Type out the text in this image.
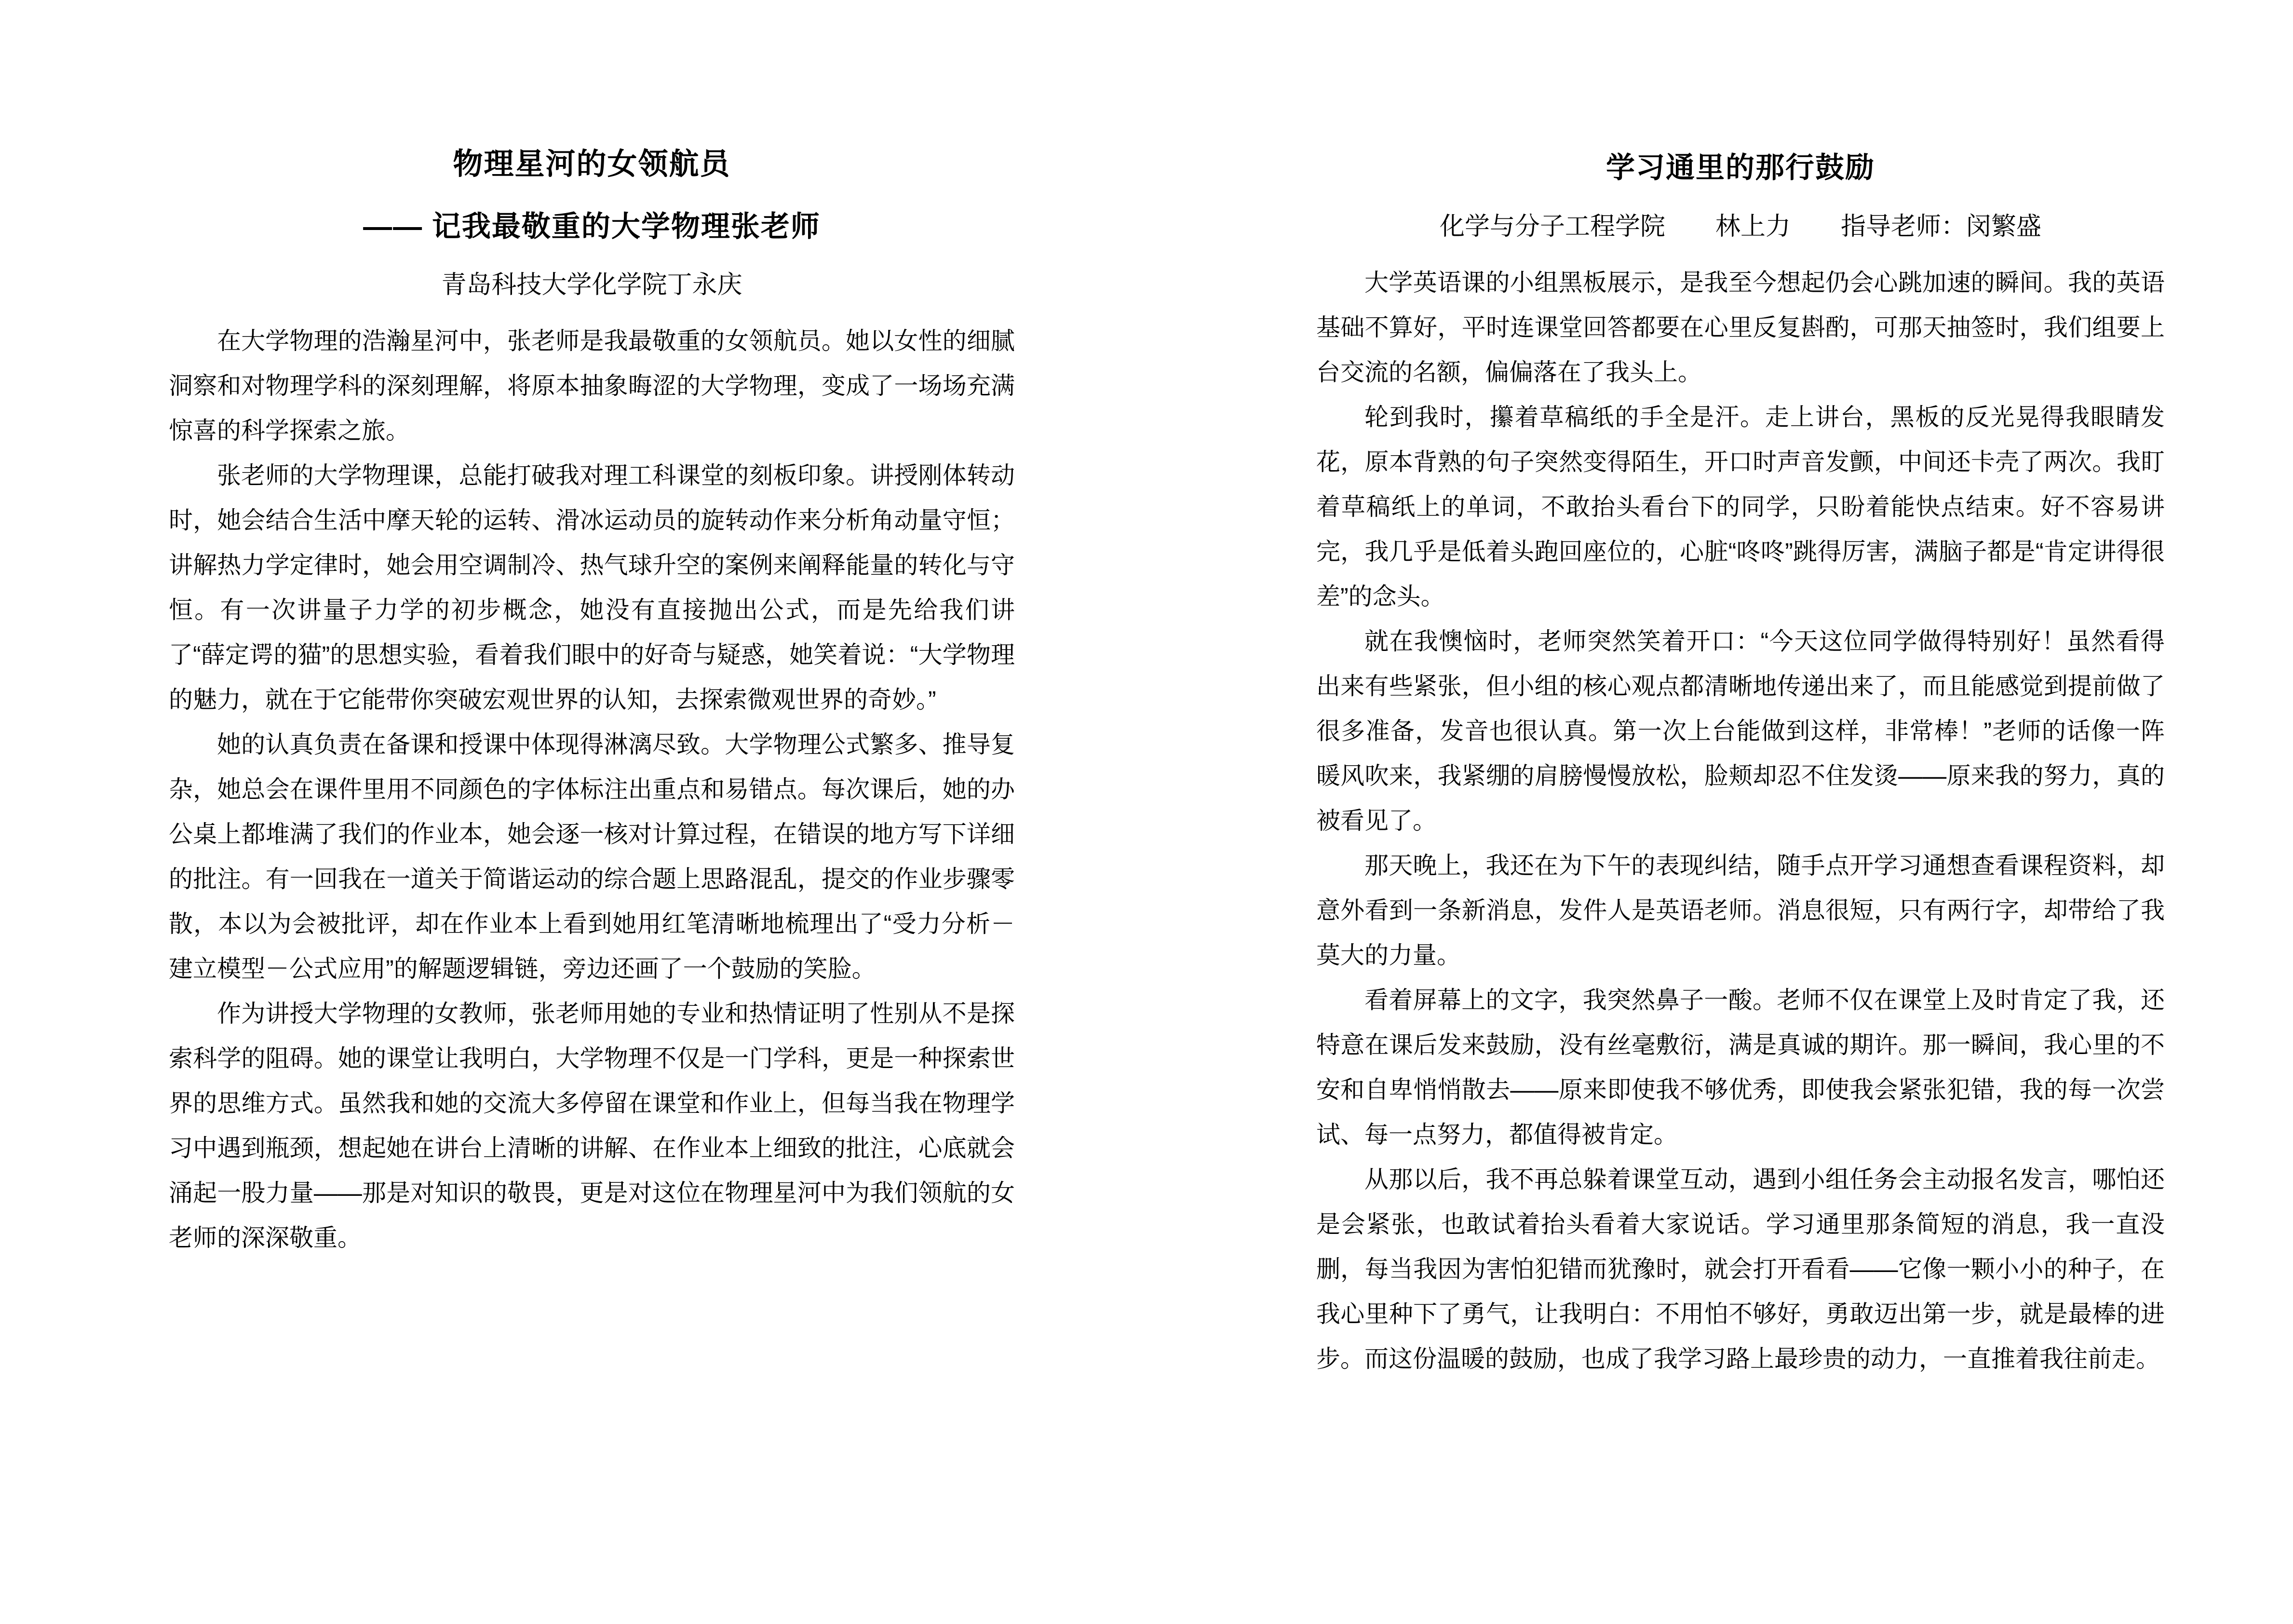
物理星河的女领航员
—— 记我最敬重的大学物理张老师
青岛科技大学化学院丁永庆

在大学物理的浩瀚星河中，张老师是我最敬重的女领航员。她以女性的细腻洞察和对物理学科的深刻理解，将原本抽象晦涩的大学物理，变成了一场场充满惊喜的科学探索之旅。

张老师的大学物理课，总能打破我对理工科课堂的刻板印象。讲授刚体转动时，她会结合生活中摩天轮的运转、滑冰运动员的旋转动作来分析角动量守恒；讲解热力学定律时，她会用空调制冷、热气球升空的案例来阐释能量的转化与守恒。有一次讲量子力学的初步概念，她没有直接抛出公式，而是先给我们讲了“薛定谔的猫”的思想实验，看着我们眼中的好奇与疑惑，她笑着说：“大学物理的魅力，就在于它能带你突破宏观世界的认知，去探索微观世界的奇妙。”

她的认真负责在备课和授课中体现得淋漓尽致。大学物理公式繁多、推导复杂，她总会在课件里用不同颜色的字体标注出重点和易错点。每次课后，她的办公桌上都堆满了我们的作业本，她会逐一核对计算过程，在错误的地方写下详细的批注。有一回我在一道关于简谐运动的综合题上思路混乱，提交的作业步骤零散，本以为会被批评，却在作业本上看到她用红笔清晰地梳理出了“受力分析－建立模型－公式应用”的解题逻辑链，旁边还画了一个鼓励的笑脸。

作为讲授大学物理的女教师，张老师用她的专业和热情证明了性别从不是探索科学的阻碍。她的课堂让我明白，大学物理不仅是一门学科，更是一种探索世界的思维方式。虽然我和她的交流大多停留在课堂和作业上，但每当我在物理学习中遇到瓶颈，想起她在讲台上清晰的讲解、在作业本上细致的批注，心底就会涌起一股力量——那是对知识的敬畏，更是对这位在物理星河中为我们领航的女老师的深深敬重。

学习通里的那行鼓励
化学与分子工程学院　　林上力　　指导老师：闵繁盛

大学英语课的小组黑板展示，是我至今想起仍会心跳加速的瞬间。我的英语基础不算好，平时连课堂回答都要在心里反复斟酌，可那天抽签时，我们组要上台交流的名额，偏偏落在了我头上。

轮到我时，攥着草稿纸的手全是汗。走上讲台，黑板的反光晃得我眼睛发花，原本背熟的句子突然变得陌生，开口时声音发颤，中间还卡壳了两次。我盯着草稿纸上的单词，不敢抬头看台下的同学，只盼着能快点结束。好不容易讲完，我几乎是低着头跑回座位的，心脏“咚咚”跳得厉害，满脑子都是“肯定讲得很差”的念头。

就在我懊恼时，老师突然笑着开口：“今天这位同学做得特别好！虽然看得出来有些紧张，但小组的核心观点都清晰地传递出来了，而且能感觉到提前做了很多准备，发音也很认真。第一次上台能做到这样，非常棒！”老师的话像一阵暖风吹来，我紧绷的肩膀慢慢放松，脸颊却忍不住发烫——原来我的努力，真的被看见了。

那天晚上，我还在为下午的表现纠结，随手点开学习通想查看课程资料，却意外看到一条新消息，发件人是英语老师。消息很短，只有两行字，却带给了我莫大的力量。

看着屏幕上的文字，我突然鼻子一酸。老师不仅在课堂上及时肯定了我，还特意在课后发来鼓励，没有丝毫敷衍，满是真诚的期许。那一瞬间，我心里的不安和自卑悄悄散去——原来即使我不够优秀，即使我会紧张犯错，我的每一次尝试、每一点努力，都值得被肯定。

从那以后，我不再总躲着课堂互动，遇到小组任务会主动报名发言，哪怕还是会紧张，也敢试着抬头看着大家说话。学习通里那条简短的消息，我一直没删，每当我因为害怕犯错而犹豫时，就会打开看看——它像一颗小小的种子，在我心里种下了勇气，让我明白：不用怕不够好，勇敢迈出第一步，就是最棒的进步。而这份温暖的鼓励，也成了我学习路上最珍贵的动力，一直推着我往前走。
